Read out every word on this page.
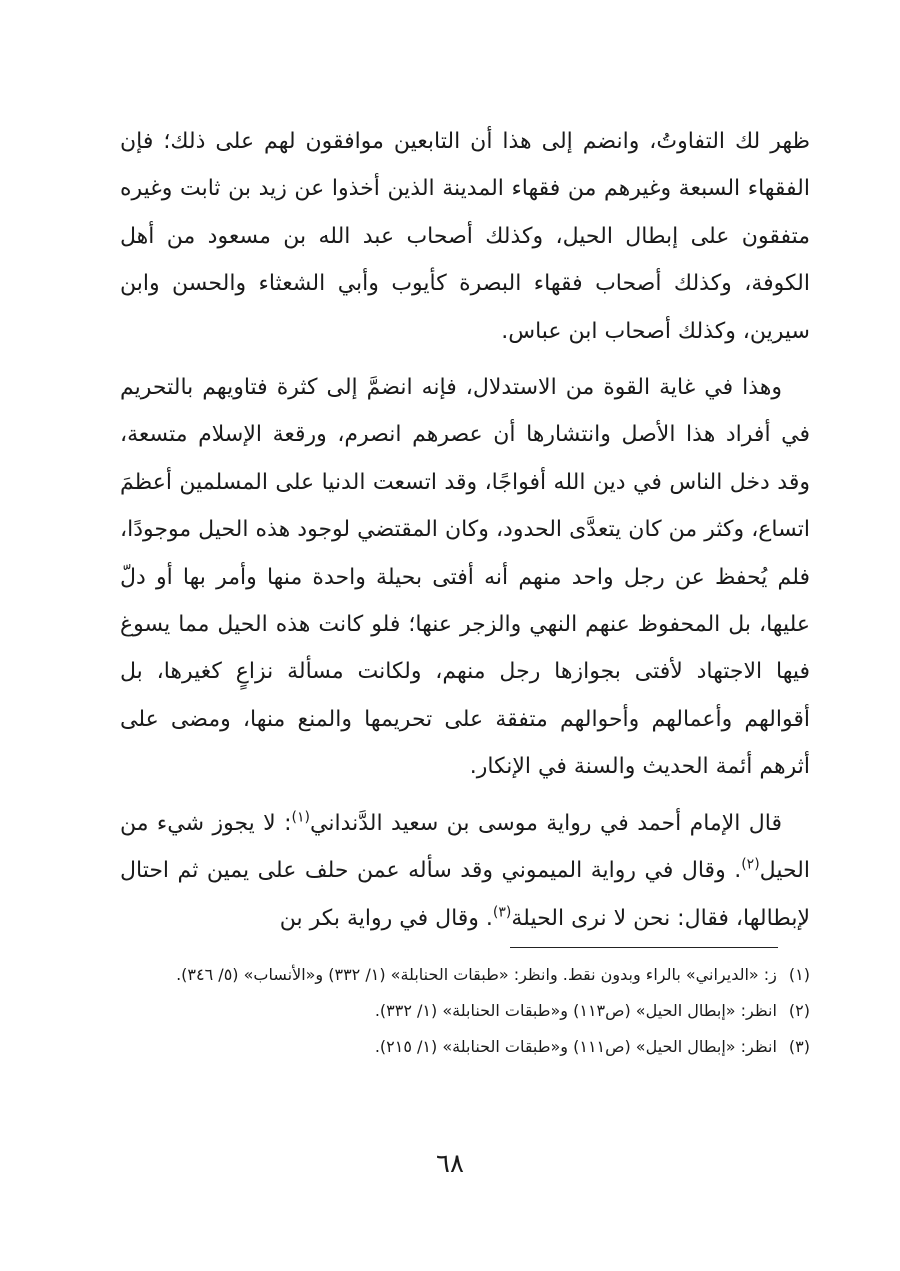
ظهر لك التفاوتُ، وانضم إلى هذا أن التابعين موافقون لهم على ذلك؛ فإن الفقهاء السبعة وغيرهم من فقهاء المدينة الذين أخذوا عن زيد بن ثابت وغيره متفقون على إبطال الحيل، وكذلك أصحاب عبد الله بن مسعود من أهل الكوفة، وكذلك أصحاب فقهاء البصرة كأيوب وأبي الشعثاء والحسن وابن سيرين، وكذلك أصحاب ابن عباس.

وهذا في غاية القوة من الاستدلال، فإنه انضمَّ إلى كثرة فتاويهم بالتحريم في أفراد هذا الأصل وانتشارها أن عصرهم انصرم، ورقعة الإسلام متسعة، وقد دخل الناس في دين الله أفواجًا، وقد اتسعت الدنيا على المسلمين أعظمَ اتساع، وكثر من كان يتعدَّى الحدود، وكان المقتضي لوجود هذه الحيل موجودًا، فلم يُحفظ عن رجل واحد منهم أنه أفتى بحيلة واحدة منها وأمر بها أو دلّ عليها، بل المحفوظ عنهم النهي والزجر عنها؛ فلو كانت هذه الحيل مما يسوغ فيها الاجتهاد لأفتى بجوازها رجل منهم، ولكانت مسألة نزاعٍ كغيرها، بل أقوالهم وأعمالهم وأحوالهم متفقة على تحريمها والمنع منها، ومضى على أثرهم أئمة الحديث والسنة في الإنكار.

قال الإمام أحمد في رواية موسى بن سعيد الدَّنداني$^{(١)}$: لا يجوز شيء من الحيل$^{(٢)}$. وقال في رواية الميموني وقد سأله عمن حلف على يمين ثم احتال لإبطالها، فقال: نحن لا نرى الحيلة$^{(٣)}$. وقال في رواية بكر بن

(١)
ز: «الديراني» بالراء وبدون نقط. وانظر: «طبقات الحنابلة» (١/ ٣٣٢) و«الأنساب» (٥/ ٣٤٦).
(٢)
انظر: «إبطال الحيل» (ص١١٣) و«طبقات الحنابلة» (١/ ٣٣٢).
(٣)
انظر: «إبطال الحيل» (ص١١١) و«طبقات الحنابلة» (١/ ٢١٥).
٦٨
